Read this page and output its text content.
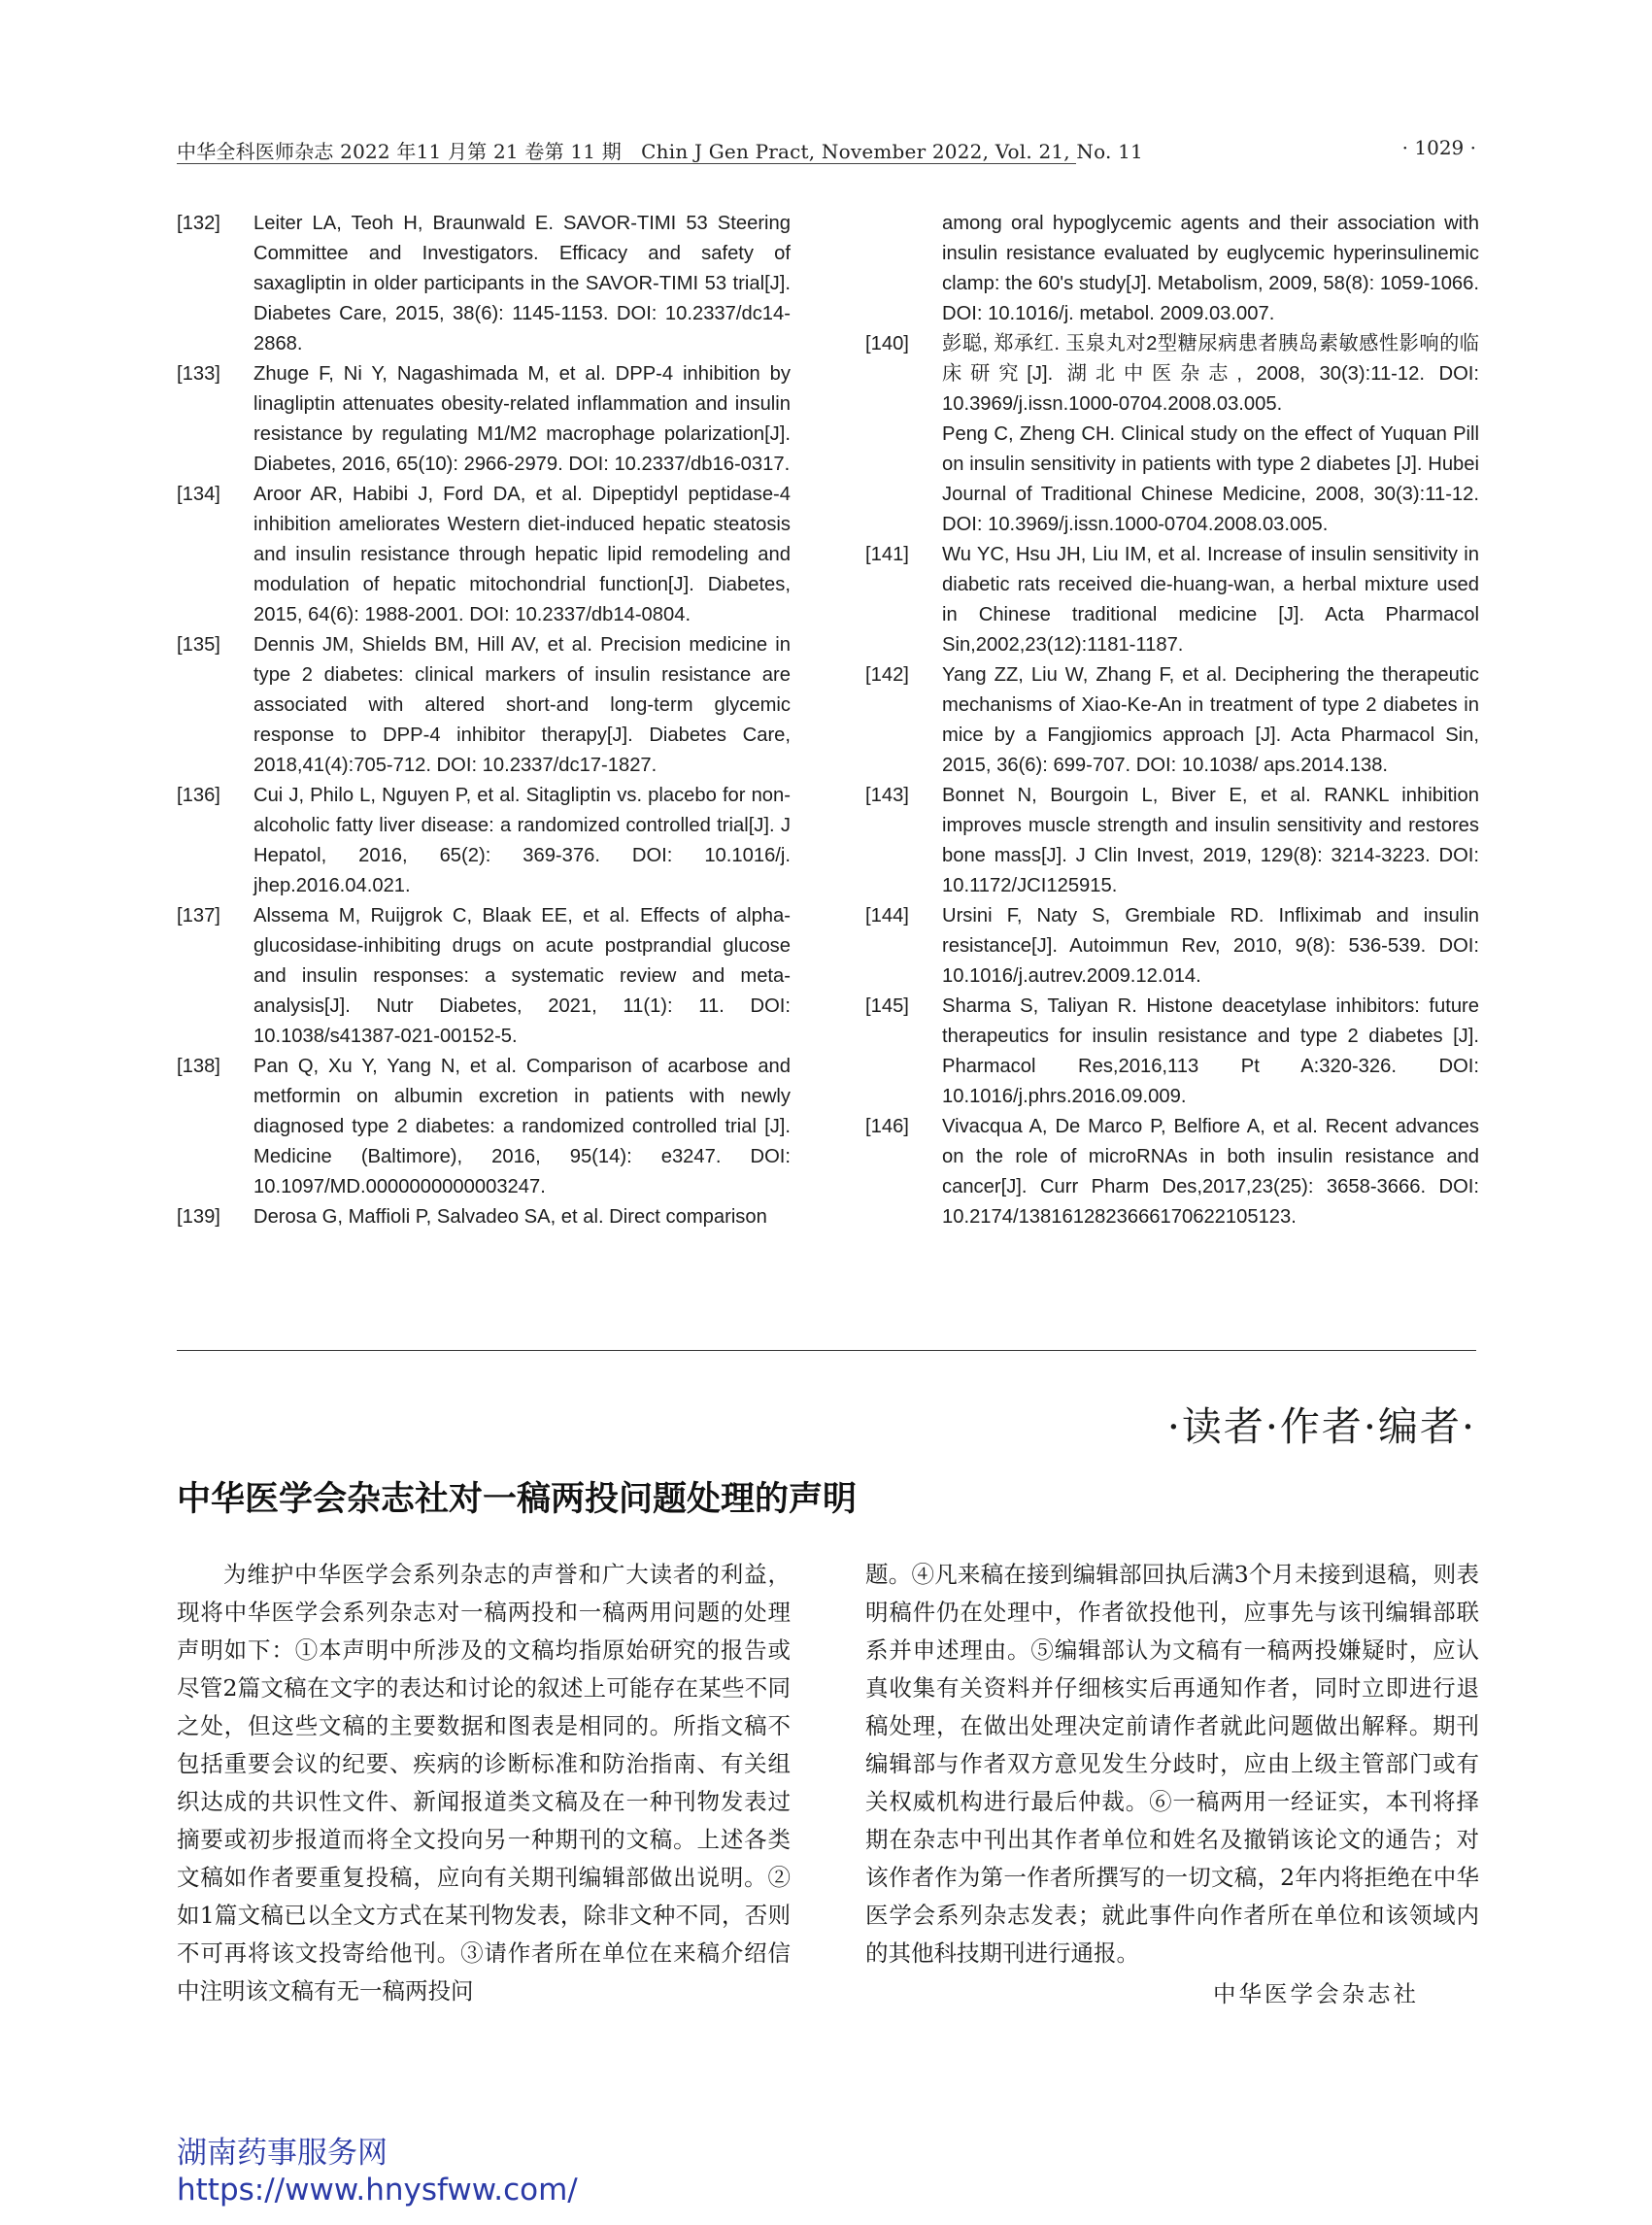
中华全科医师杂志 2022 年11 月第 21 卷第 11 期　Chin J Gen Pract, November 2022, Vol. 21, No. 11	· 1029 ·
[132] Leiter LA, Teoh H, Braunwald E. SAVOR-TIMI 53 Steering Committee and Investigators. Efficacy and safety of saxagliptin in older participants in the SAVOR-TIMI 53 trial[J]. Diabetes Care, 2015, 38(6): 1145-1153. DOI: 10.2337/dc14-2868.
[133] Zhuge F, Ni Y, Nagashimada M, et al. DPP-4 inhibition by linagliptin attenuates obesity-related inflammation and insulin resistance by regulating M1/M2 macrophage polarization[J]. Diabetes, 2016, 65(10): 2966-2979. DOI: 10.2337/db16-0317.
[134] Aroor AR, Habibi J, Ford DA, et al. Dipeptidyl peptidase-4 inhibition ameliorates Western diet-induced hepatic steatosis and insulin resistance through hepatic lipid remodeling and modulation of hepatic mitochondrial function[J]. Diabetes, 2015, 64(6): 1988-2001. DOI: 10.2337/db14-0804.
[135] Dennis JM, Shields BM, Hill AV, et al. Precision medicine in type 2 diabetes: clinical markers of insulin resistance are associated with altered short-and long-term glycemic response to DPP-4 inhibitor therapy[J]. Diabetes Care, 2018,41(4):705-712. DOI: 10.2337/dc17-1827.
[136] Cui J, Philo L, Nguyen P, et al. Sitagliptin vs. placebo for non-alcoholic fatty liver disease: a randomized controlled trial[J]. J Hepatol, 2016, 65(2): 369-376. DOI: 10.1016/j. jhep.2016.04.021.
[137] Alssema M, Ruijgrok C, Blaak EE, et al. Effects of alpha-glucosidase-inhibiting drugs on acute postprandial glucose and insulin responses: a systematic review and meta-analysis[J]. Nutr Diabetes, 2021, 11(1): 11. DOI: 10.1038/s41387-021-00152-5.
[138] Pan Q, Xu Y, Yang N, et al. Comparison of acarbose and metformin on albumin excretion in patients with newly diagnosed type 2 diabetes: a randomized controlled trial [J]. Medicine (Baltimore), 2016, 95(14): e3247. DOI: 10.1097/MD.0000000000003247.
[139] Derosa G, Maffioli P, Salvadeo SA, et al. Direct comparison
among oral hypoglycemic agents and their association with insulin resistance evaluated by euglycemic hyperinsulinemic clamp: the 60's study[J]. Metabolism, 2009, 58(8): 1059-1066. DOI: 10.1016/j. metabol. 2009.03.007.
[140] 彭聪, 郑承红. 玉泉丸对2型糖尿病患者胰岛素敏感性影响的临床研究[J]. 湖北中医杂志, 2008, 30(3):11-12. DOI: 10.3969/j.issn.1000-0704.2008.03.005.
Peng C, Zheng CH. Clinical study on the effect of Yuquan Pill on insulin sensitivity in patients with type 2 diabetes [J]. Hubei Journal of Traditional Chinese Medicine, 2008, 30(3):11-12. DOI: 10.3969/j.issn.1000-0704.2008.03.005.
[141] Wu YC, Hsu JH, Liu IM, et al. Increase of insulin sensitivity in diabetic rats received die-huang-wan, a herbal mixture used in Chinese traditional medicine [J]. Acta Pharmacol Sin,2002,23(12):1181-1187.
[142] Yang ZZ, Liu W, Zhang F, et al. Deciphering the therapeutic mechanisms of Xiao-Ke-An in treatment of type 2 diabetes in mice by a Fangjiomics approach [J]. Acta Pharmacol Sin, 2015, 36(6): 699-707. DOI: 10.1038/ aps.2014.138.
[143] Bonnet N, Bourgoin L, Biver E, et al. RANKL inhibition improves muscle strength and insulin sensitivity and restores bone mass[J]. J Clin Invest, 2019, 129(8): 3214-3223. DOI: 10.1172/JCI125915.
[144] Ursini F, Naty S, Grembiale RD. Infliximab and insulin resistance[J]. Autoimmun Rev, 2010, 9(8): 536-539. DOI: 10.1016/j.autrev.2009.12.014.
[145] Sharma S, Taliyan R. Histone deacetylase inhibitors: future therapeutics for insulin resistance and type 2 diabetes [J]. Pharmacol Res,2016,113 Pt A:320-326. DOI: 10.1016/j.phrs.2016.09.009.
[146] Vivacqua A, De Marco P, Belfiore A, et al. Recent advances on the role of microRNAs in both insulin resistance and cancer[J]. Curr Pharm Des,2017,23(25): 3658-3666. DOI: 10.2174/1381612823666170622105123.
·读者·作者·编者·
中华医学会杂志社对一稿两投问题处理的声明
为维护中华医学会系列杂志的声誉和广大读者的利益，现将中华医学会系列杂志对一稿两投和一稿两用问题的处理声明如下：①本声明中所涉及的文稿均指原始研究的报告或尽管2篇文稿在文字的表达和讨论的叙述上可能存在某些不同之处，但这些文稿的主要数据和图表是相同的。所指文稿不包括重要会议的纪要、疾病的诊断标准和防治指南、有关组织达成的共识性文件、新闻报道类文稿及在一种刊物发表过摘要或初步报道而将全文投向另一种期刊的文稿。上述各类文稿如作者要重复投稿，应向有关期刊编辑部做出说明。②如1篇文稿已以全文方式在某刊物发表，除非文种不同，否则不可再将该文投寄给他刊。③请作者所在单位在来稿介绍信中注明该文稿有无一稿两投问
题。④凡来稿在接到编辑部回执后满3个月未接到退稿，则表明稿件仍在处理中，作者欲投他刊，应事先与该刊编辑部联系并申述理由。⑤编辑部认为文稿有一稿两投嫌疑时，应认真收集有关资料并仔细核实后再通知作者，同时立即进行退稿处理，在做出处理决定前请作者就此问题做出解释。期刊编辑部与作者双方意见发生分歧时，应由上级主管部门或有关权威机构进行最后仲裁。⑥一稿两用一经证实，本刊将择期在杂志中刊出其作者单位和姓名及撤销该论文的通告；对该作者作为第一作者所撰写的一切文稿，2年内将拒绝在中华医学会系列杂志发表；就此事件向作者所在单位和该领域内的其他科技期刊进行通报。
中华医学会杂志社
湖南药事服务网
https://www.hnysfww.com/
